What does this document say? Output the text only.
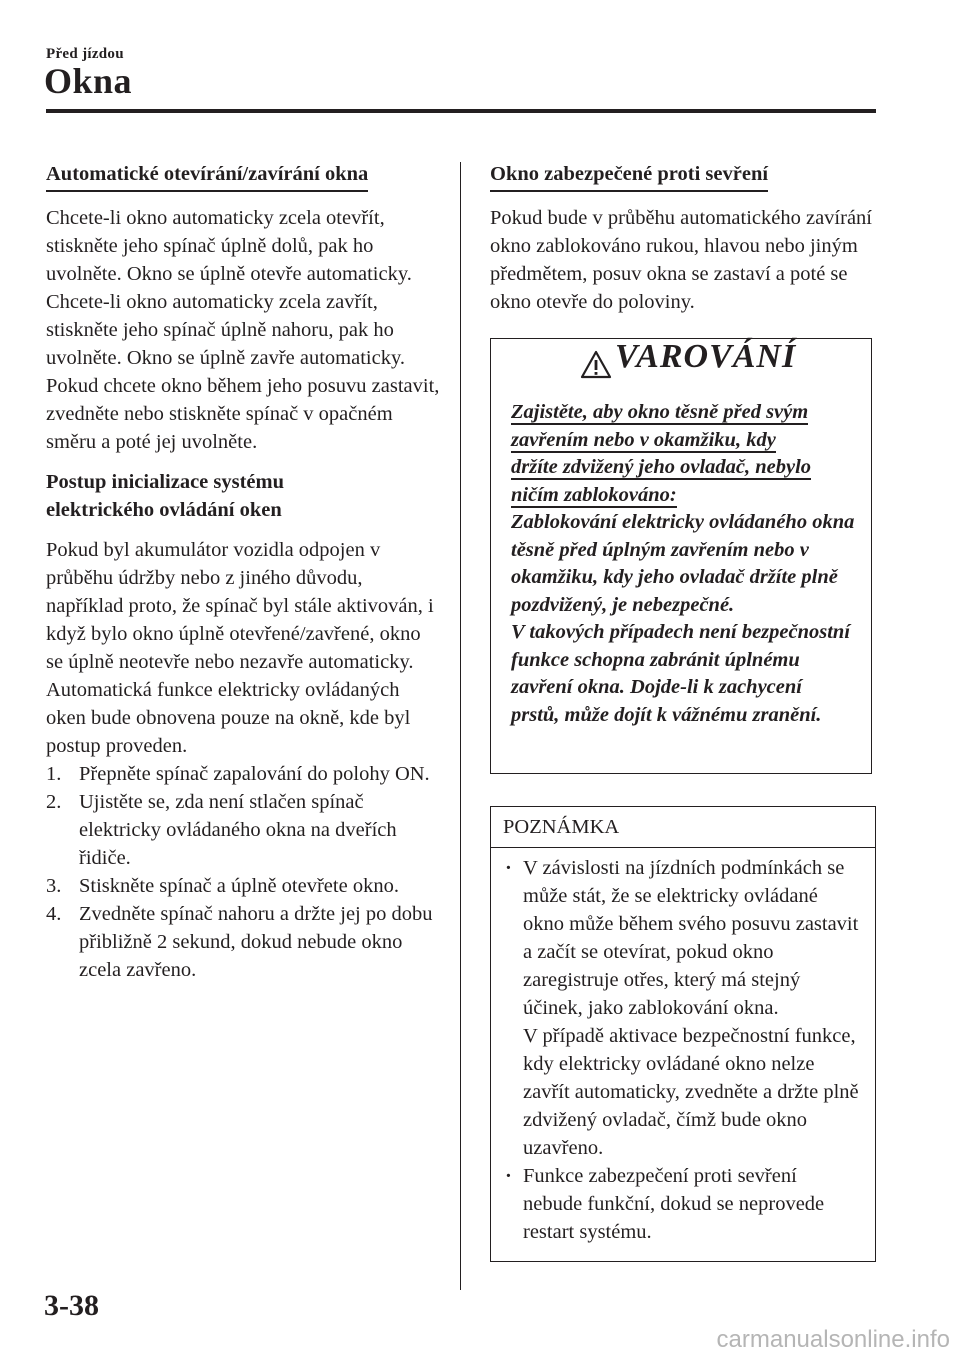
Před jízdou
Okna
Automatické otevírání/zavírání okna

Chcete-li okno automaticky zcela otevřít, stiskněte jeho spínač úplně dolů, pak ho uvolněte. Okno se úplně otevře automaticky.

Chcete-li okno automaticky zcela zavřít, stiskněte jeho spínač úplně nahoru, pak ho uvolněte. Okno se úplně zavře automaticky.

Pokud chcete okno během jeho posuvu zastavit, zvedněte nebo stiskněte spínač v opačném směru a poté jej uvolněte.

Postup inicializace systému
elektrického ovládání oken

Pokud byl akumulátor vozidla odpojen v průběhu údržby nebo z jiného důvodu, například proto, že spínač byl stále aktivován, i když bylo okno úplně otevřené/zavřené, okno se úplně neotevře nebo nezavře automaticky.

Automatická funkce elektricky ovládaných oken bude obnovena pouze na okně, kde byl postup proveden.

1. Přepněte spínač zapalování do polohy ON.
2. Ujistěte se, zda není stlačen spínač elektricky ovládaného okna na dveřích řidiče.
3. Stiskněte spínač a úplně otevřete okno.
4. Zvedněte spínač nahoru a držte jej po dobu přibližně 2 sekund, dokud nebude okno zcela zavřeno.
Okno zabezpečené proti sevření

Pokud bude v průběhu automatického zavírání okno zablokováno rukou, hlavou nebo jiným předmětem, posuv okna se zastaví a poté se okno otevře do poloviny.

VAROVÁNÍ
Zajistěte, aby okno těsně před svým
zavřením nebo v okamžiku, kdy
držíte zdvižený jeho ovladač, nebylo
ničím zablokováno:
Zablokování elektricky ovládaného okna těsně před úplným zavřením nebo v okamžiku, kdy jeho ovladač držíte plně pozdvižený, je nebezpečné.
V takových případech není bezpečnostní funkce schopna zabránit úplnému zavření okna. Dojde-li k zachycení prstů, může dojít k vážnému zranění.
POZNÁMKA
· V závislosti na jízdních podmínkách se může stát, že se elektricky ovládané okno může během svého posuvu zastavit a začít se otevírat, pokud okno zaregistruje otřes, který má stejný účinek, jako zablokování okna.
V případě aktivace bezpečnostní funkce, kdy elektricky ovládané okno nelze zavřít automaticky, zvedněte a držte plně zdvižený ovladač, čímž bude okno uzavřeno.
· Funkce zabezpečení proti sevření nebude funkční, dokud se neprovede restart systému.
3-38
carmanualsonline.info
